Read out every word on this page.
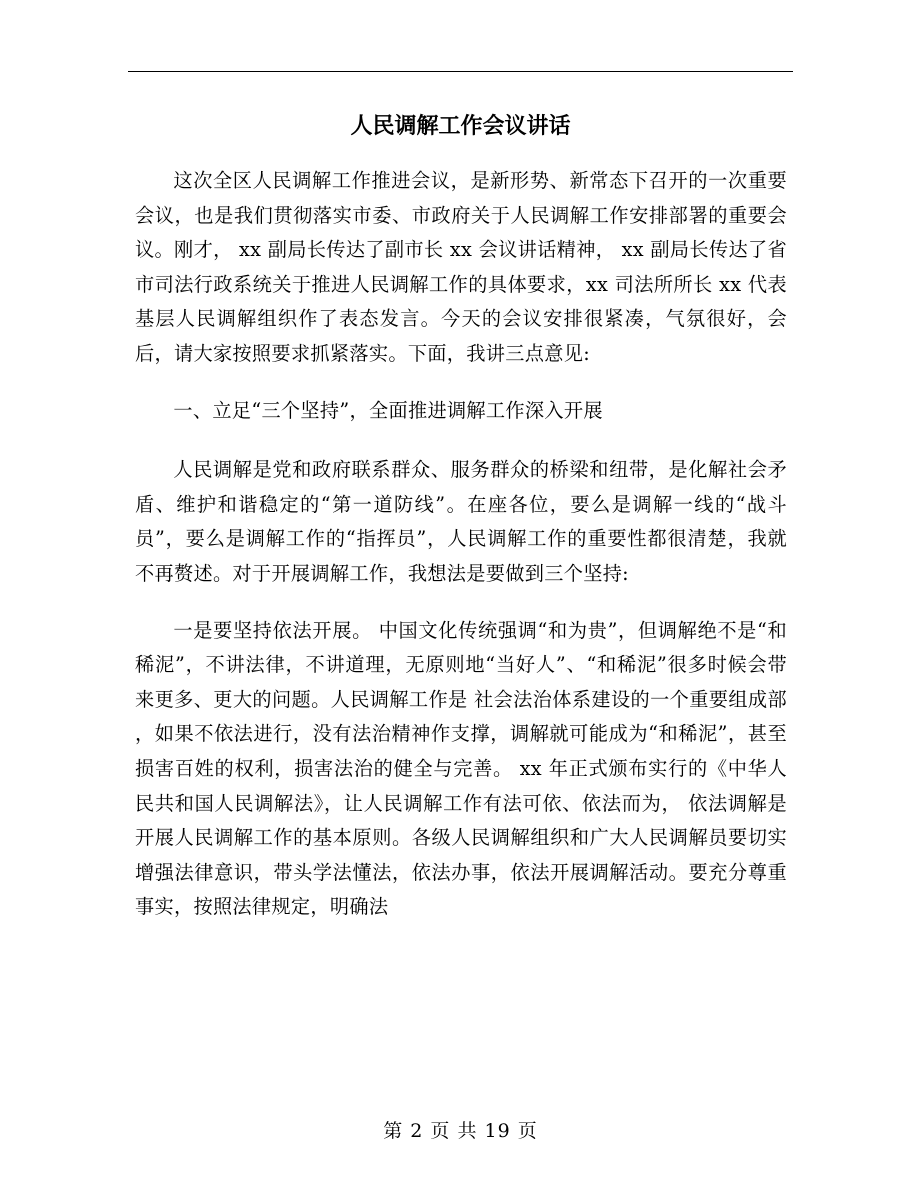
人民调解工作会议讲话

这次全区人民调解工作推进会议，是新形势、新常态下召开的一次重要会议，也是我们贯彻落实市委、市政府关于人民调解工作安排部署的重要会议。刚才， xx 副局长传达了副市长 xx 会议讲话精神， xx 副局长传达了省市司法行政系统关于推进人民调解工作的具体要求，xx 司法所所长 xx 代表基层人民调解组织作了表态发言。今天的会议安排很紧凑，气氛很好，会后，请大家按照要求抓紧落实。下面，我讲三点意见:

一、立足“三个坚持”，全面推进调解工作深入开展

人民调解是党和政府联系群众、服务群众的桥梁和纽带，是化解社会矛盾、维护和谐稳定的“第一道防线”。在座各位，要么是调解一线的“战斗员”，要么是调解工作的“指挥员”，人民调解工作的重要性都很清楚，我就不再赘述。对于开展调解工作，我想法是要做到三个坚持:

一是要坚持依法开展。 中国文化传统强调“和为贵”，但调解绝不是“和稀泥”，不讲法律，不讲道理，无原则地“当好人”、“和稀泥”很多时候会带来更多、更大的问题。人民调解工作是 社会法治体系建设的一个重要组成部 ，如果不依法进行，没有法治精神作支撑，调解就可能成为“和稀泥”，甚至损害百姓的权利，损害法治的健全与完善。 xx 年正式颁布实行的《中华人民共和国人民调解法》，让人民调解工作有法可依、依法而为， 依法调解是开展人民调解工作的基本原则。各级人民调解组织和广大人民调解员要切实增强法律意识，带头学法懂法，依法办事，依法开展调解活动。要充分尊重事实，按照法律规定，明确法

第 2 页 共 19 页
